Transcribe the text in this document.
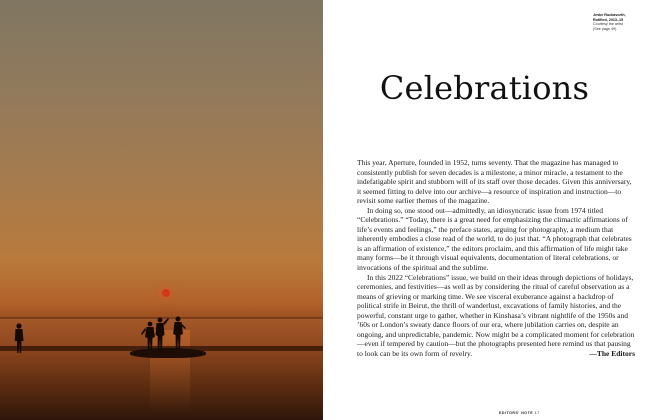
Jeske Ruckavorth,
Rotified, 2013–15
Courtesy the artist
(See page 49)
Celebrations

This year, Aperture, founded in 1952, turns seventy. That the magazine has managed to consistently publish for seven decades is a milestone, a minor miracle, a testament to the indefatigable spirit and stubborn will of its staff over those decades. Given this anniversary, it seemed fitting to delve into our archive—a resource of inspiration and instruction—to revisit some earlier themes of the magazine.

In doing so, one stood out—admittedly, an idiosyncratic issue from 1974 titled “Celebrations.” “Today, there is a great need for emphasizing the climactic affirmations of life’s events and feelings,” the preface states, arguing for photography, a medium that inherently embodies a close read of the world, to do just that. “A photograph that celebrates is an affirmation of existence,” the editors proclaim, and this affirmation of life might take many forms—be it through visual equivalents, documentation of literal celebrations, or invocations of the spiritual and the sublime.

In this 2022 “Celebrations” issue, we build on their ideas through depictions of holidays, ceremonies, and festivities—as well as by considering the ritual of careful observation as a means of grieving or marking time. We see visceral exuberance against a backdrop of political strife in Beirut, the thrill of wanderlust, excavations of family histories, and the powerful, constant urge to gather, whether in Kinshasa’s vibrant nightlife of the 1950s and ’60s or London’s sweaty dance floors of our era, where jubilation carries on, despite an ongoing, and unpredictable, pandemic. Now might be a complicated moment for celebration—even if tempered by caution—but the photographs presented here remind us that pausing to look can be its own form of revelry.	—The Editors

EDITORS’ NOTE 17
